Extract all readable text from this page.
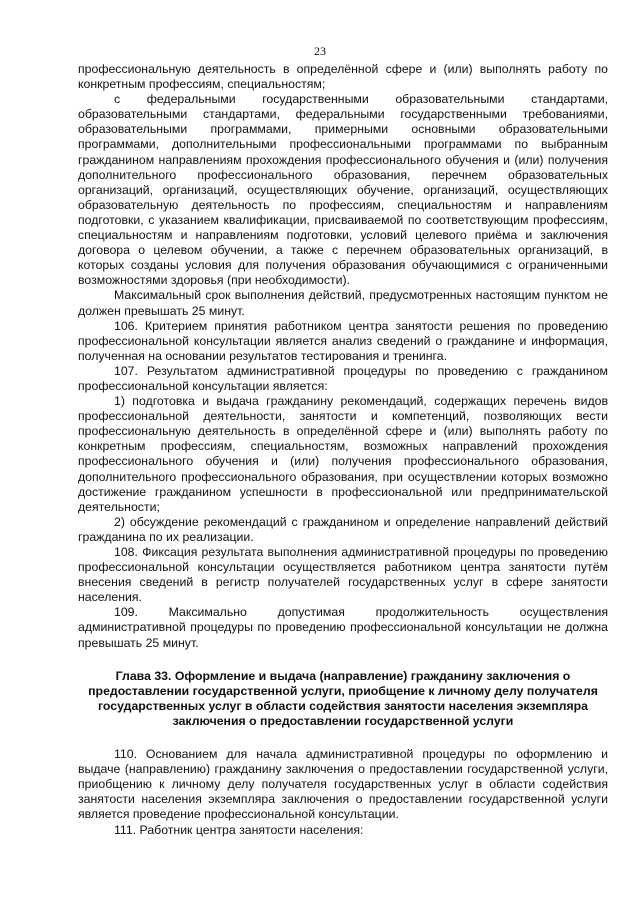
23

профессиональную деятельность в определённой сфере и (или) выполнять работу по конкретным профессиям, специальностям;

с федеральными государственными образовательными стандартами, образовательными стандартами, федеральными государственными требованиями, образовательными программами, примерными основными образовательными программами, дополнительными профессиональными программами по выбранным гражданином направлениям прохождения профессионального обучения и (или) получения дополнительного профессионального образования, перечнем образовательных организаций, организаций, осуществляющих обучение, организаций, осуществляющих образовательную деятельность по профессиям, специальностям и направлениям подготовки, с указанием квалификации, присваиваемой по соответствующим профессиям, специальностям и направлениям подготовки, условий целевого приёма и заключения договора о целевом обучении, а также с перечнем образовательных организаций, в которых созданы условия для получения образования обучающимися с ограниченными возможностями здоровья (при необходимости).

Максимальный срок выполнения действий, предусмотренных настоящим пунктом не должен превышать 25 минут.

106. Критерием принятия работником центра занятости решения по проведению профессиональной консультации является анализ сведений о гражданине и информация, полученная на основании результатов тестирования и тренинга.

107. Результатом административной процедуры по проведению с гражданином профессиональной консультации является:

1) подготовка и выдача гражданину рекомендаций, содержащих перечень видов профессиональной деятельности, занятости и компетенций, позволяющих вести профессиональную деятельность в определённой сфере и (или) выполнять работу по конкретным профессиям, специальностям, возможных направлений прохождения профессионального обучения и (или) получения профессионального образования, дополнительного профессионального образования, при осуществлении которых возможно достижение гражданином успешности в профессиональной или предпринимательской деятельности;

2) обсуждение рекомендаций с гражданином и определение направлений действий гражданина по их реализации.

108. Фиксация результата выполнения административной процедуры по проведению профессиональной консультации осуществляется работником центра занятости путём внесения сведений в регистр получателей государственных услуг в сфере занятости населения.

109. Максимально допустимая продолжительность осуществления административной процедуры по проведению профессиональной консультации не должна превышать 25 минут.

Глава 33. Оформление и выдача (направление) гражданину заключения о предоставлении государственной услуги, приобщение к личному делу получателя государственных услуг в области содействия занятости населения экземпляра заключения о предоставлении государственной услуги

110. Основанием для начала административной процедуры по оформлению и выдаче (направлению) гражданину заключения о предоставлении государственной услуги, приобщению к личному делу получателя государственных услуг в области содействия занятости населения экземпляра заключения о предоставлении государственной услуги является проведение профессиональной консультации.

111. Работник центра занятости населения:
